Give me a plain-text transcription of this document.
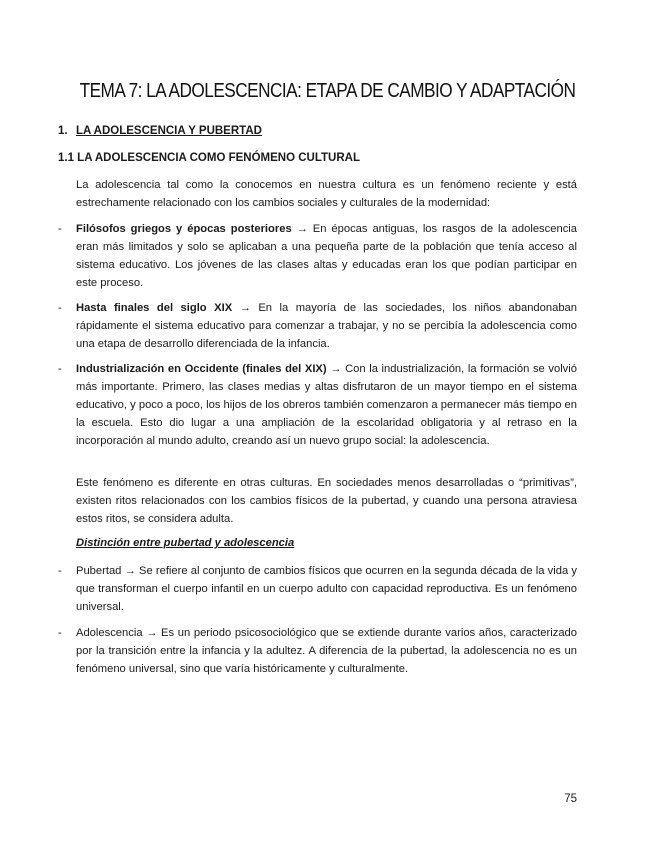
TEMA 7: LA ADOLESCENCIA: ETAPA DE CAMBIO Y ADAPTACIÓN
1. LA ADOLESCENCIA Y PUBERTAD
1.1 LA ADOLESCENCIA COMO FENÓMENO CULTURAL
La adolescencia tal como la conocemos en nuestra cultura es un fenómeno reciente y está estrechamente relacionado con los cambios sociales y culturales de la modernidad:
- Filósofos griegos y épocas posteriores → En épocas antiguas, los rasgos de la adolescencia eran más limitados y solo se aplicaban a una pequeña parte de la población que tenía acceso al sistema educativo. Los jóvenes de las clases altas y educadas eran los que podían participar en este proceso.
- Hasta finales del siglo XIX → En la mayoría de las sociedades, los niños abandonaban rápidamente el sistema educativo para comenzar a trabajar, y no se percibía la adolescencia como una etapa de desarrollo diferenciada de la infancia.
- Industrialización en Occidente (finales del XIX) → Con la industrialización, la formación se volvió más importante. Primero, las clases medias y altas disfrutaron de un mayor tiempo en el sistema educativo, y poco a poco, los hijos de los obreros también comenzaron a permanecer más tiempo en la escuela. Esto dio lugar a una ampliación de la escolaridad obligatoria y al retraso en la incorporación al mundo adulto, creando así un nuevo grupo social: la adolescencia.
Este fenómeno es diferente en otras culturas. En sociedades menos desarrolladas o “primitivas”, existen ritos relacionados con los cambios físicos de la pubertad, y cuando una persona atraviesa estos ritos, se considera adulta.
Distinción entre pubertad y adolescencia
- Pubertad → Se refiere al conjunto de cambios físicos que ocurren en la segunda década de la vida y que transforman el cuerpo infantil en un cuerpo adulto con capacidad reproductiva. Es un fenómeno universal.
- Adolescencia → Es un periodo psicosociológico que se extiende durante varios años, caracterizado por la transición entre la infancia y la adultez. A diferencia de la pubertad, la adolescencia no es un fenómeno universal, sino que varía históricamente y culturalmente.
75
